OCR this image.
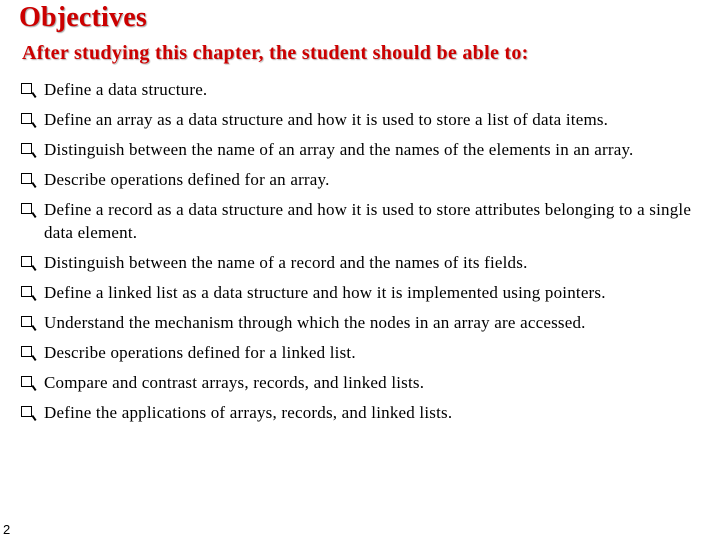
Objectives
After studying this chapter, the student should be able to:
Define a data structure.
Define an array as a data structure and how it is used to store a list of data items.
Distinguish between the name of an array and the names of the elements in an array.
Describe operations defined for an array.
Define a record as a data structure and how it is used to store attributes belonging to a single data element.
Distinguish between the name of a record and the names of its fields.
Define a linked list as a data structure and how it is implemented using pointers.
Understand the mechanism through which the nodes in an array are accessed.
Describe operations defined for a linked list.
Compare and contrast arrays, records, and linked lists.
Define the applications of arrays, records, and linked lists.
2
